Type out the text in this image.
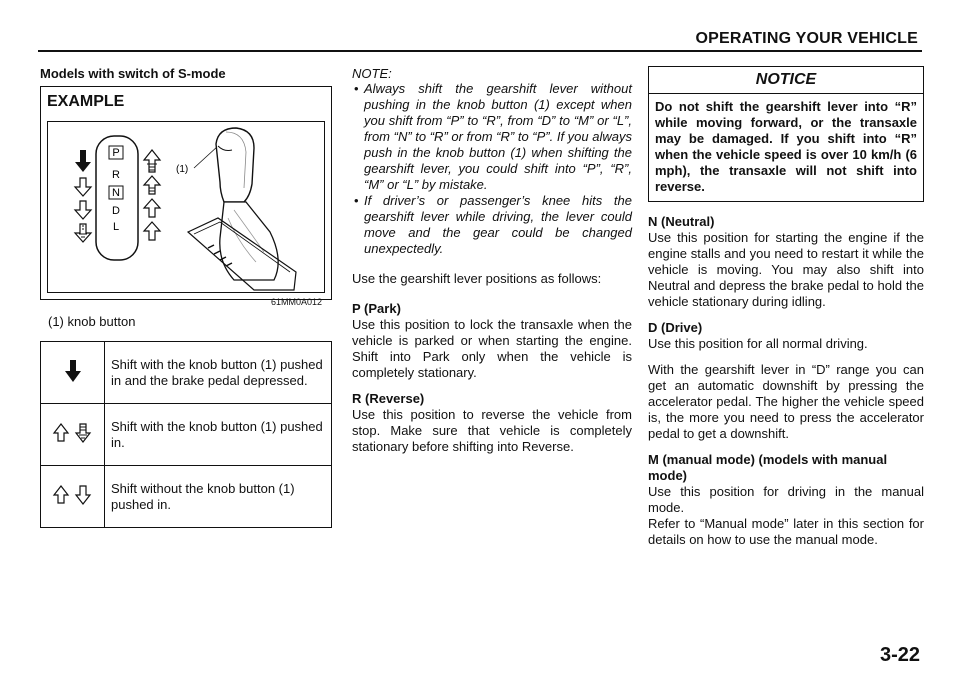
OPERATING YOUR VEHICLE
Models with switch of S-mode
EXAMPLE
P
R
N
D
L
(1)
61MM0A012
(1) knob button
	Shift with the knob button (1) pushed in and the brake pedal depressed.
	Shift with the knob button (1) pushed in.
	Shift without the knob button (1) pushed in.
NOTE:
• Always shift the gearshift lever without pushing in the knob button (1) except when you shift from “P” to “R”, from “D” to “M” or “L”, from “N” to “R” or from “R” to “P”. If you always push in the knob button (1) when shifting the gearshift lever, you could shift into “P”, “R”, “M” or “L” by mistake.
• If driver’s or passenger’s knee hits the gearshift lever while driving, the lever could move and the gear could be changed unexpectedly.
Use the gearshift lever positions as follows:
P (Park)
Use this position to lock the transaxle when the vehicle is parked or when starting the engine. Shift into Park only when the vehicle is completely stationary.
R (Reverse)
Use this position to reverse the vehicle from stop. Make sure that vehicle is completely stationary before shifting into Reverse.
NOTICE
Do not shift the gearshift lever into “R” while moving forward, or the transaxle may be damaged. If you shift into “R” when the vehicle speed is over 10 km/h (6 mph), the transaxle will not shift into reverse.
N (Neutral)
Use this position for starting the engine if the engine stalls and you need to restart it while the vehicle is moving. You may also shift into Neutral and depress the brake pedal to hold the vehicle stationary during idling.
D (Drive)
Use this position for all normal driving.
With the gearshift lever in “D” range you can get an automatic downshift by pressing the accelerator pedal. The higher the vehicle speed is, the more you need to press the accelerator pedal to get a downshift.
M (manual mode) (models with manual mode)
Use this position for driving in the manual mode.
Refer to “Manual mode” later in this section for details on how to use the manual mode.
3-22
